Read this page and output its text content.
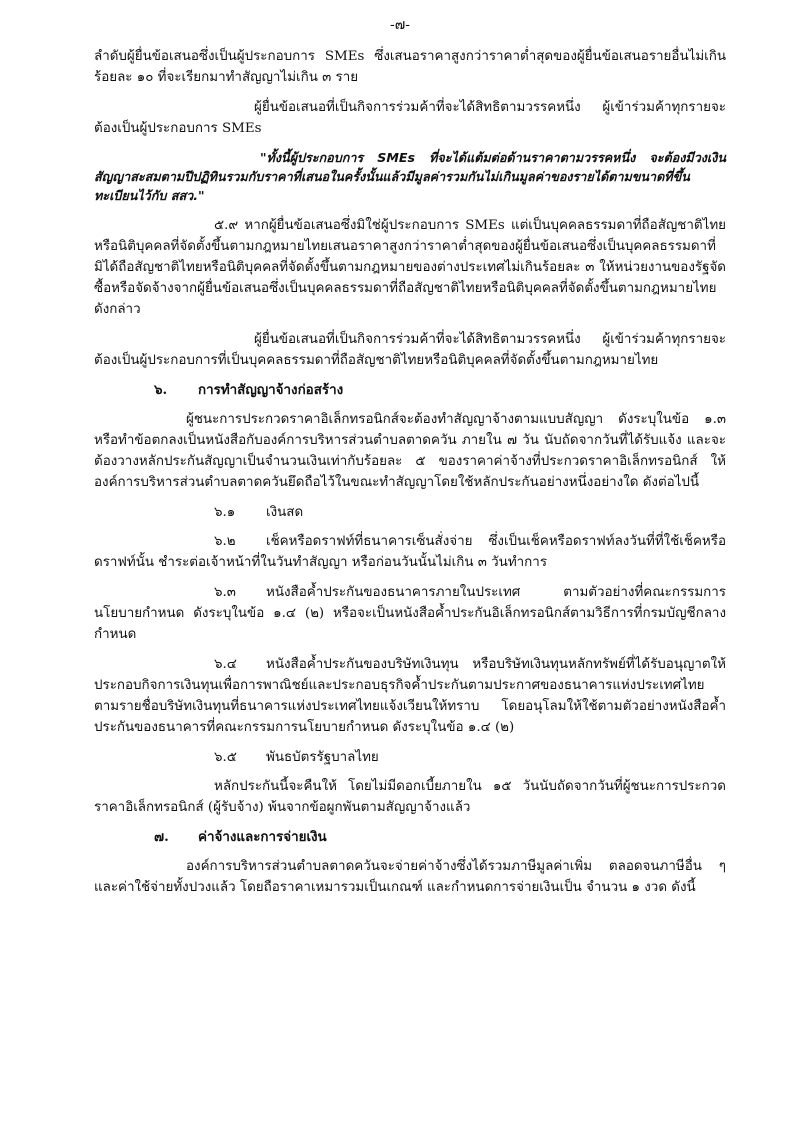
-๗-

ลำดับผู้ยื่นข้อเสนอซึ่งเป็นผู้ประกอบการ SMEs ซึ่งเสนอราคาสูงกว่าราคาต่ำสุดของผู้ยื่นข้อเสนอรายอื่นไม่เกินร้อยละ ๑๐ ที่จะเรียกมาทำสัญญาไม่เกิน ๓ ราย

ผู้ยื่นข้อเสนอที่เป็นกิจการร่วมค้าที่จะได้สิทธิตามวรรคหนึ่ง ผู้เข้าร่วมค้าทุกรายจะต้องเป็นผู้ประกอบการ SMEs

"ทั้งนี้ผู้ประกอบการ SMEs ที่จะได้แต้มต่อด้านราคาตามวรรคหนึ่ง จะต้องมีวงเงินสัญญาสะสมตามปีปฏิทินรวมกับราคาที่เสนอในครั้งนั้นแล้วมีมูลค่ารวมกันไม่เกินมูลค่าของรายได้ตามขนาดที่ขึ้นทะเบียนไว้กับ สสว."

๕.๙ หากผู้ยื่นข้อเสนอซึ่งมิใช่ผู้ประกอบการ SMEs แต่เป็นบุคคลธรรมดาที่ถือสัญชาติไทยหรือนิติบุคคลที่จัดตั้งขึ้นตามกฎหมายไทยเสนอราคาสูงกว่าราคาต่ำสุดของผู้ยื่นข้อเสนอซึ่งเป็นบุคคลธรรมดาที่มิได้ถือสัญชาติไทยหรือนิติบุคคลที่จัดตั้งขึ้นตามกฎหมายของต่างประเทศไม่เกินร้อยละ ๓ ให้หน่วยงานของรัฐจัดซื้อหรือจัดจ้างจากผู้ยื่นข้อเสนอซึ่งเป็นบุคคลธรรมดาที่ถือสัญชาติไทยหรือนิติบุคคลที่จัดตั้งขึ้นตามกฎหมายไทยดังกล่าว

ผู้ยื่นข้อเสนอที่เป็นกิจการร่วมค้าที่จะได้สิทธิตามวรรคหนึ่ง ผู้เข้าร่วมค้าทุกรายจะต้องเป็นผู้ประกอบการที่เป็นบุคคลธรรมดาที่ถือสัญชาติไทยหรือนิติบุคคลที่จัดตั้งขึ้นตามกฎหมายไทย

๖. การทำสัญญาจ้างก่อสร้าง

ผู้ชนะการประกวดราคาอิเล็กทรอนิกส์จะต้องทำสัญญาจ้างตามแบบสัญญา ดังระบุในข้อ ๑.๓ หรือทำข้อตกลงเป็นหนังสือกับองค์การบริหารส่วนตำบลตาดควัน ภายใน ๗ วัน นับถัดจากวันที่ได้รับแจ้ง และจะต้องวางหลักประกันสัญญาเป็นจำนวนเงินเท่ากับร้อยละ ๕ ของราคาค่าจ้างที่ประกวดราคาอิเล็กทรอนิกส์ ให้องค์การบริหารส่วนตำบลตาดควันยึดถือไว้ในขณะทำสัญญาโดยใช้หลักประกันอย่างหนึ่งอย่างใด ดังต่อไปนี้

๖.๑ เงินสด

๖.๒ เช็คหรือดราฟท์ที่ธนาคารเซ็นสั่งจ่าย ซึ่งเป็นเช็คหรือดราฟท์ลงวันที่ที่ใช้เช็คหรือดราฟท์นั้น ชำระต่อเจ้าหน้าที่ในวันทำสัญญา หรือก่อนวันนั้นไม่เกิน ๓ วันทำการ

๖.๓ หนังสือค้ำประกันของธนาคารภายในประเทศ ตามตัวอย่างที่คณะกรรมการนโยบายกำหนด ดังระบุในข้อ ๑.๔ (๒) หรือจะเป็นหนังสือค้ำประกันอิเล็กทรอนิกส์ตามวิธีการที่กรมบัญชีกลางกำหนด

๖.๔ หนังสือค้ำประกันของบริษัทเงินทุน หรือบริษัทเงินทุนหลักทรัพย์ที่ได้รับอนุญาตให้ประกอบกิจการเงินทุนเพื่อการพาณิชย์และประกอบธุรกิจค้ำประกันตามประกาศของธนาคารแห่งประเทศไทย ตามรายชื่อบริษัทเงินทุนที่ธนาคารแห่งประเทศไทยแจ้งเวียนให้ทราบ โดยอนุโลมให้ใช้ตามตัวอย่างหนังสือค้ำประกันของธนาคารที่คณะกรรมการนโยบายกำหนด ดังระบุในข้อ ๑.๔ (๒)

๖.๕ พันธบัตรรัฐบาลไทย

หลักประกันนี้จะคืนให้ โดยไม่มีดอกเบี้ยภายใน ๑๕ วันนับถัดจากวันที่ผู้ชนะการประกวดราคาอิเล็กทรอนิกส์ (ผู้รับจ้าง) พ้นจากข้อผูกพันตามสัญญาจ้างแล้ว

๗. ค่าจ้างและการจ่ายเงิน

องค์การบริหารส่วนตำบลตาดควันจะจ่ายค่าจ้างซึ่งได้รวมภาษีมูลค่าเพิ่ม ตลอดจนภาษีอื่น ๆ และค่าใช้จ่ายทั้งปวงแล้ว โดยถือราคาเหมารวมเป็นเกณฑ์ และกำหนดการจ่ายเงินเป็น จำนวน ๑ งวด ดังนี้
